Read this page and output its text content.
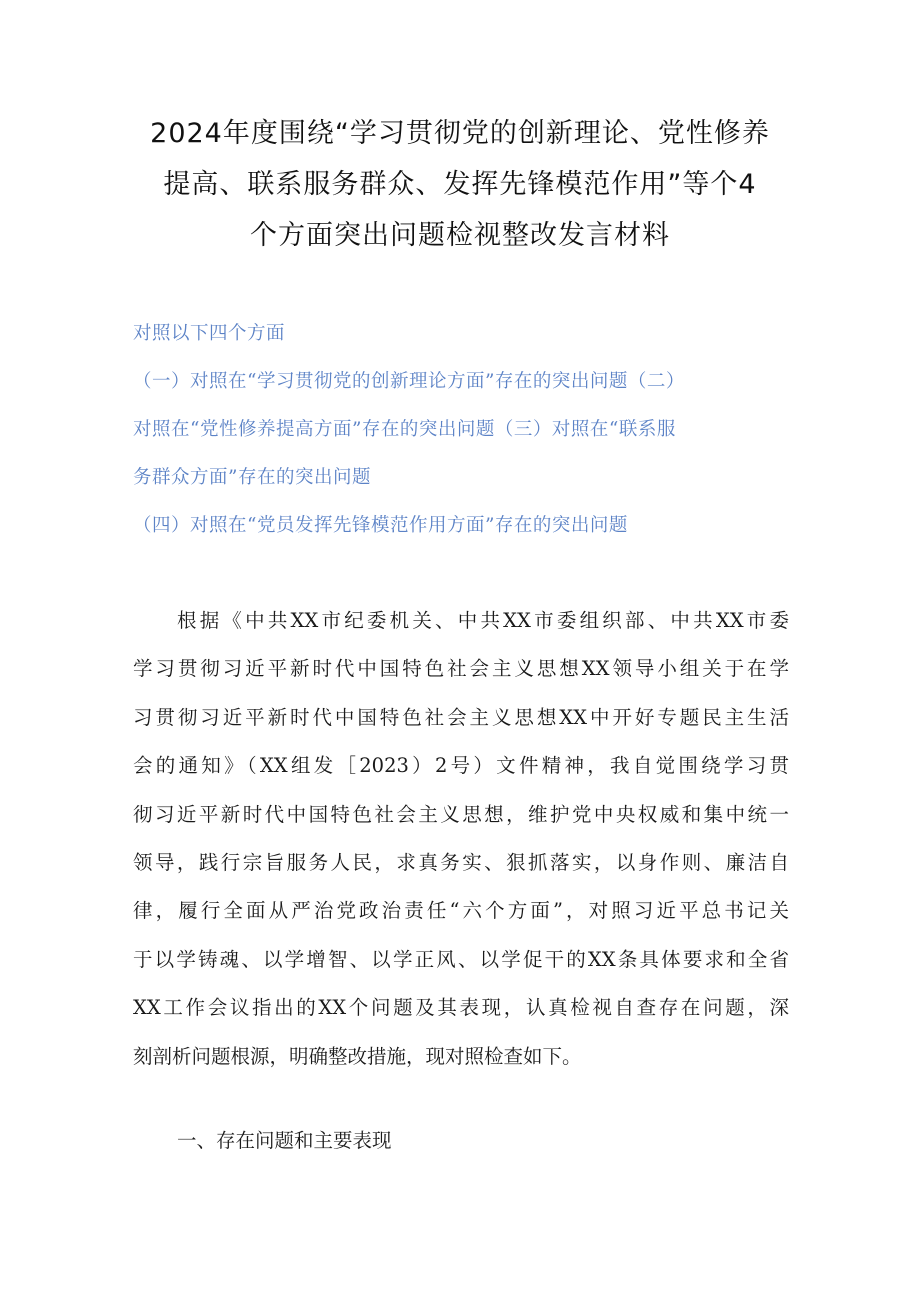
2024年度围绕“学习贯彻党的创新理论、党性修养
提高、联系服务群众、发挥先锋模范作用”等个4
个方面突出问题检视整改发言材料
对照以下四个方面
（一）对照在“学习贯彻党的创新理论方面”存在的突出问题（二）
对照在“党性修养提高方面”存在的突出问题（三）对照在“联系服
务群众方面”存在的突出问题
（四）对照在“党员发挥先锋模范作用方面”存在的突出问题
根据《中共XX市纪委机关、中共XX市委组织部、中共XX市委
学习贯彻习近平新时代中国特色社会主义思想XX领导小组关于在学
习贯彻习近平新时代中国特色社会主义思想XX中开好专题民主生活
会的通知》（XX组发［2023）2号）文件精神，我自觉围绕学习贯
彻习近平新时代中国特色社会主义思想，维护党中央权威和集中统一
领导，践行宗旨服务人民，求真务实、狠抓落实，以身作则、廉洁自
律，履行全面从严治党政治责任“六个方面”，对照习近平总书记关
于以学铸魂、以学增智、以学正风、以学促干的XX条具体要求和全省
XX工作会议指出的XX个问题及其表现，认真检视自查存在问题，深
刻剖析问题根源，明确整改措施，现对照检查如下。
一、存在问题和主要表现
